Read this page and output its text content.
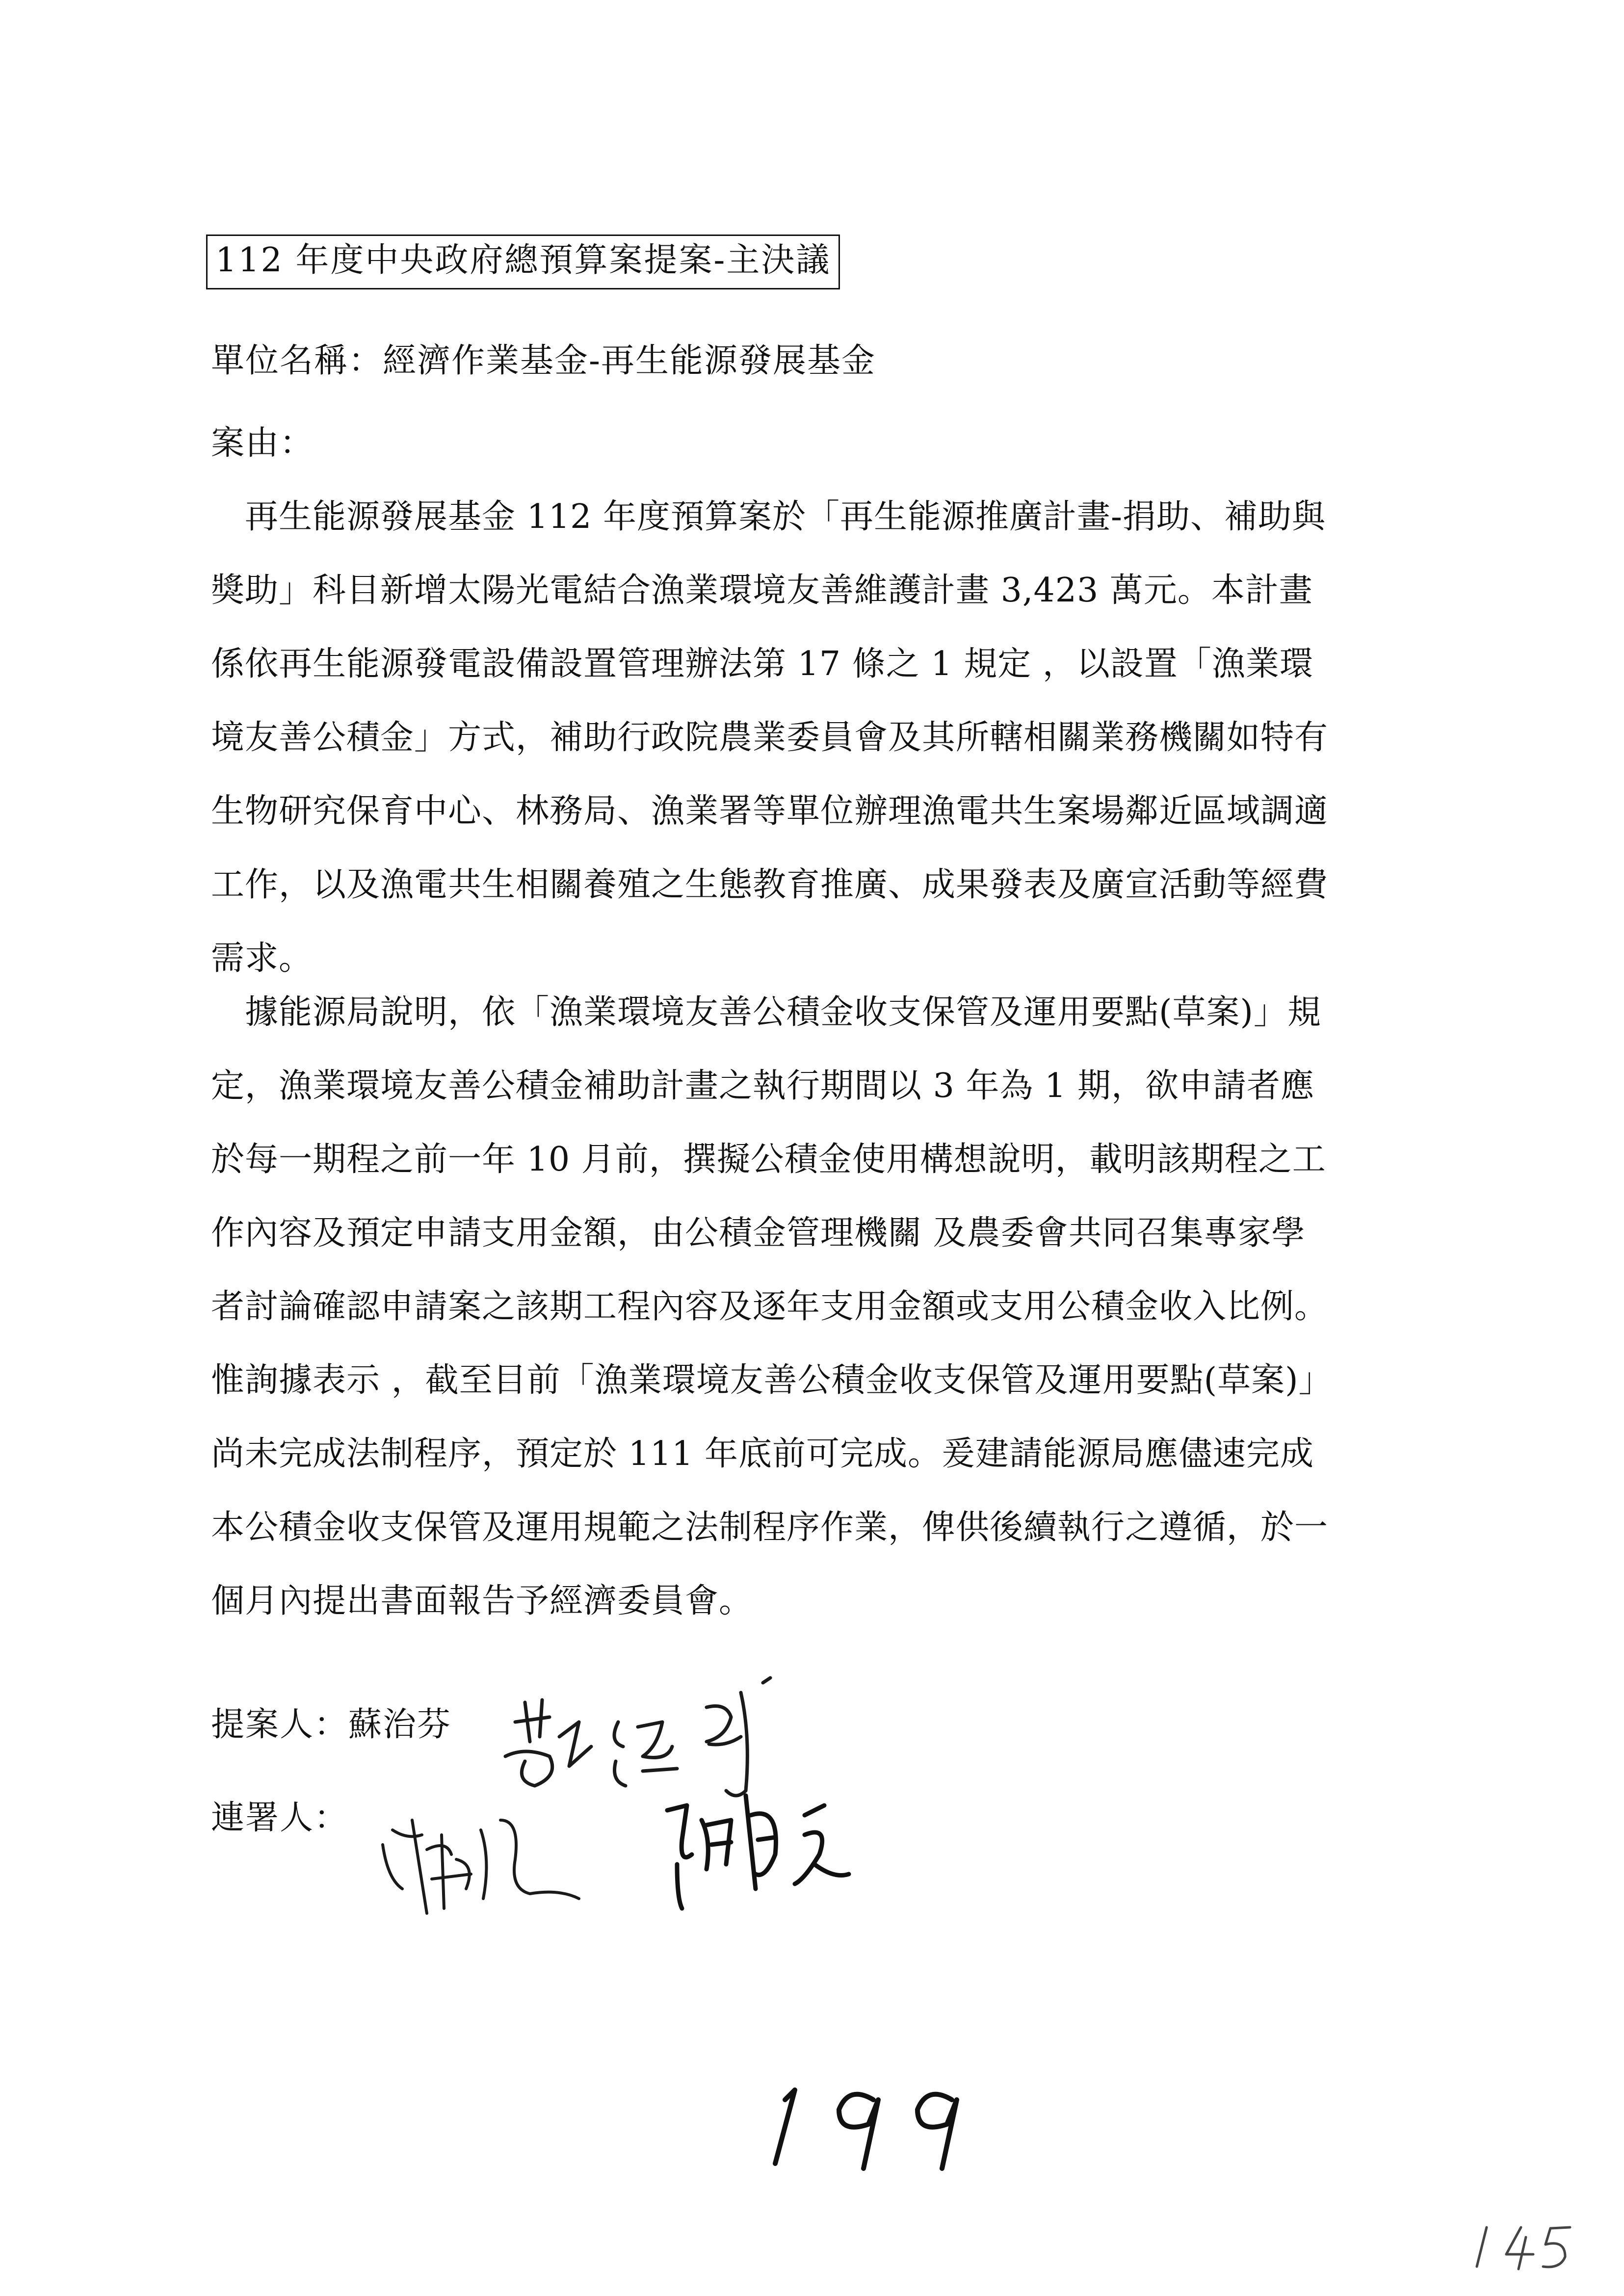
112 年度中央政府總預算案提案-主決議
單位名稱：經濟作業基金-再生能源發展基金
案由：
　再生能源發展基金 112 年度預算案於「再生能源推廣計畫-捐助、補助與
獎助」科目新增太陽光電結合漁業環境友善維護計畫 3,423 萬元。本計畫
係依再生能源發電設備設置管理辦法第 17 條之 1 規定 ，以設置「漁業環
境友善公積金」方式，補助行政院農業委員會及其所轄相關業務機關如特有
生物研究保育中心、林務局、漁業署等單位辦理漁電共生案場鄰近區域調適
工作，以及漁電共生相關養殖之生態教育推廣、成果發表及廣宣活動等經費
需求。
　據能源局說明，依「漁業環境友善公積金收支保管及運用要點(草案)」規
定，漁業環境友善公積金補助計畫之執行期間以 3 年為 1 期，欲申請者應
於每一期程之前一年 10 月前，撰擬公積金使用構想說明，載明該期程之工
作內容及預定申請支用金額，由公積金管理機關 及農委會共同召集專家學
者討論確認申請案之該期工程內容及逐年支用金額或支用公積金收入比例。
惟詢據表示 ，截至目前「漁業環境友善公積金收支保管及運用要點(草案)」
尚未完成法制程序，預定於 111 年底前可完成。爰建請能源局應儘速完成
本公積金收支保管及運用規範之法制程序作業，俾供後續執行之遵循，於一
個月內提出書面報告予經濟委員會。
提案人：蘇治芬
連署人：
199
145
